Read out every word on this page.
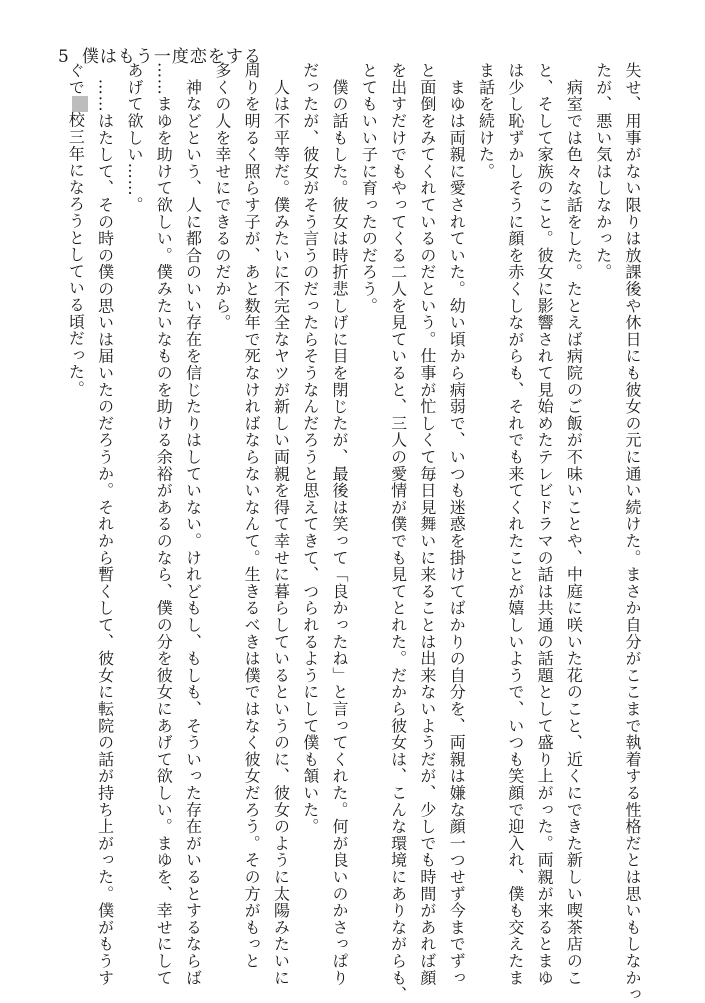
5 僕はもう一度恋をする

失せ、用事がない限りは放課後や休日にも彼女の元に通い続けた。まさか自分がここまで執着する性格だとは思いもしなかっ

たが、悪い気はしなかった。

　病室では色々な話をした。たとえば病院のご飯が不味いことや、中庭に咲いた花のこと、近くにできた新しい喫茶店のこ

と、そして家族のこと。彼女に影響されて見始めたテレビドラマの話は共通の話題として盛り上がった。両親が来るとまゆ

は少し恥ずかしそうに顔を赤くしながらも、それでも来てくれたことが嬉しいようで、いつも笑顔で迎入れ、僕も交えたま

ま話を続けた。

　まゆは両親に愛されていた。幼い頃から病弱で、いつも迷惑を掛けてばかりの自分を、両親は嫌な顔一つせず今までずっ

と面倒をみてくれているのだという。仕事が忙しくて毎日見舞いに来ることは出来ないようだが、少しでも時間があれば顔

を出すだけでもやってくる二人を見ていると、三人の愛情が僕でも見てとれた。だから彼女は、こんな環境にありながらも、

とてもいい子に育ったのだろう。

　僕の話もした。彼女は時折悲しげに目を閉じたが、最後は笑って「良かったね」と言ってくれた。何が良いのかさっぱり

だったが、彼女がそう言うのだったらそうなんだろうと思えてきて、つられるようにして僕も頷いた。

　人は不平等だ。僕みたいに不完全なヤツが新しい両親を得て幸せに暮らしているというのに、彼女のように太陽みたいに

周りを明るく照らす子が、あと数年で死なければならないなんて。生きるべきは僕ではなく彼女だろう。その方がもっと

多くの人を幸せにできるのだから。

　神などという、人に都合のいい存在を信じたりはしていない。けれどもし、もしも、そういった存在がいるとするならば

……まゆを助けて欲しい。僕みたいなものを助ける余裕があるのなら、僕の分を彼女にあげて欲しい。まゆを、幸せにして

あげて欲しい……。

　……はたして、その時の僕の思いは届いたのだろうか。それから暫くして、彼女に転院の話が持ち上がった。僕がもうす

ぐで校三年になろうとしている頃だった。
